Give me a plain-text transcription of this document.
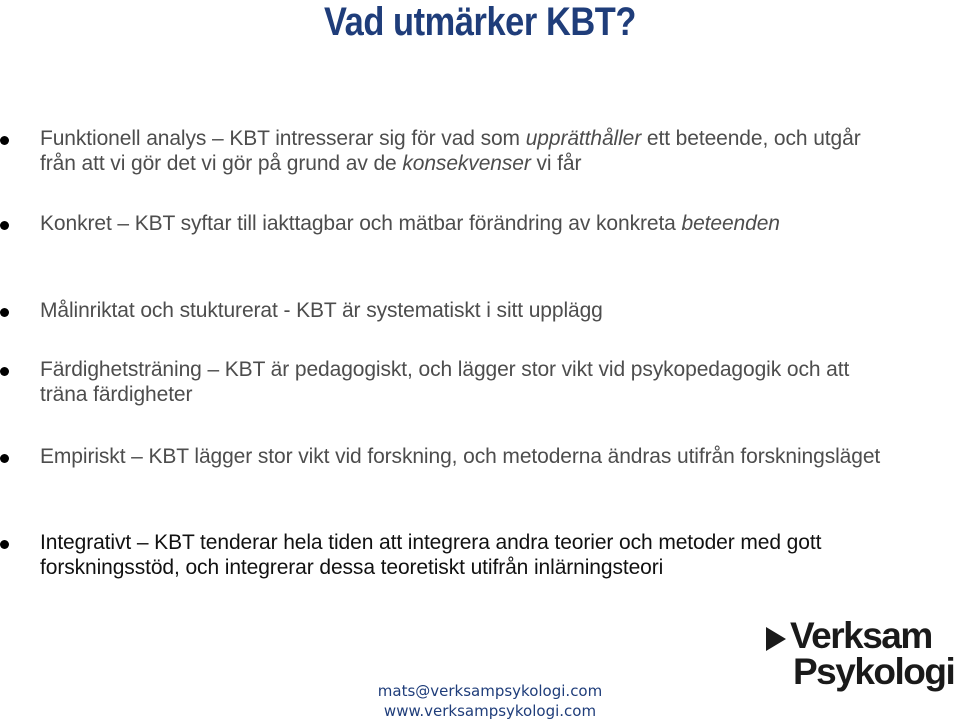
Vad utmärker KBT?

Funktionell analys – KBT intresserar sig för vad som upprätthåller ett beteende, och utgår från att vi gör det vi gör på grund av de konsekvenser vi får

Konkret – KBT syftar till iakttagbar och mätbar förändring av konkreta beteenden

Målinriktat och stukturerat - KBT är systematiskt i sitt upplägg

Färdighetsträning – KBT är pedagogiskt, och lägger stor vikt vid psykopedagogik och att träna färdigheter

Empiriskt – KBT lägger stor vikt vid forskning, och metoderna ändras utifrån forskningsläget

Integrativt – KBT tenderar hela tiden att integrera andra teorier och metoder med gott forskningsstöd, och integrerar dessa teoretiskt utifrån inlärningsteori

Verksam
Psykologi
mats@verksampsykologi.com
www.verksampsykologi.com
